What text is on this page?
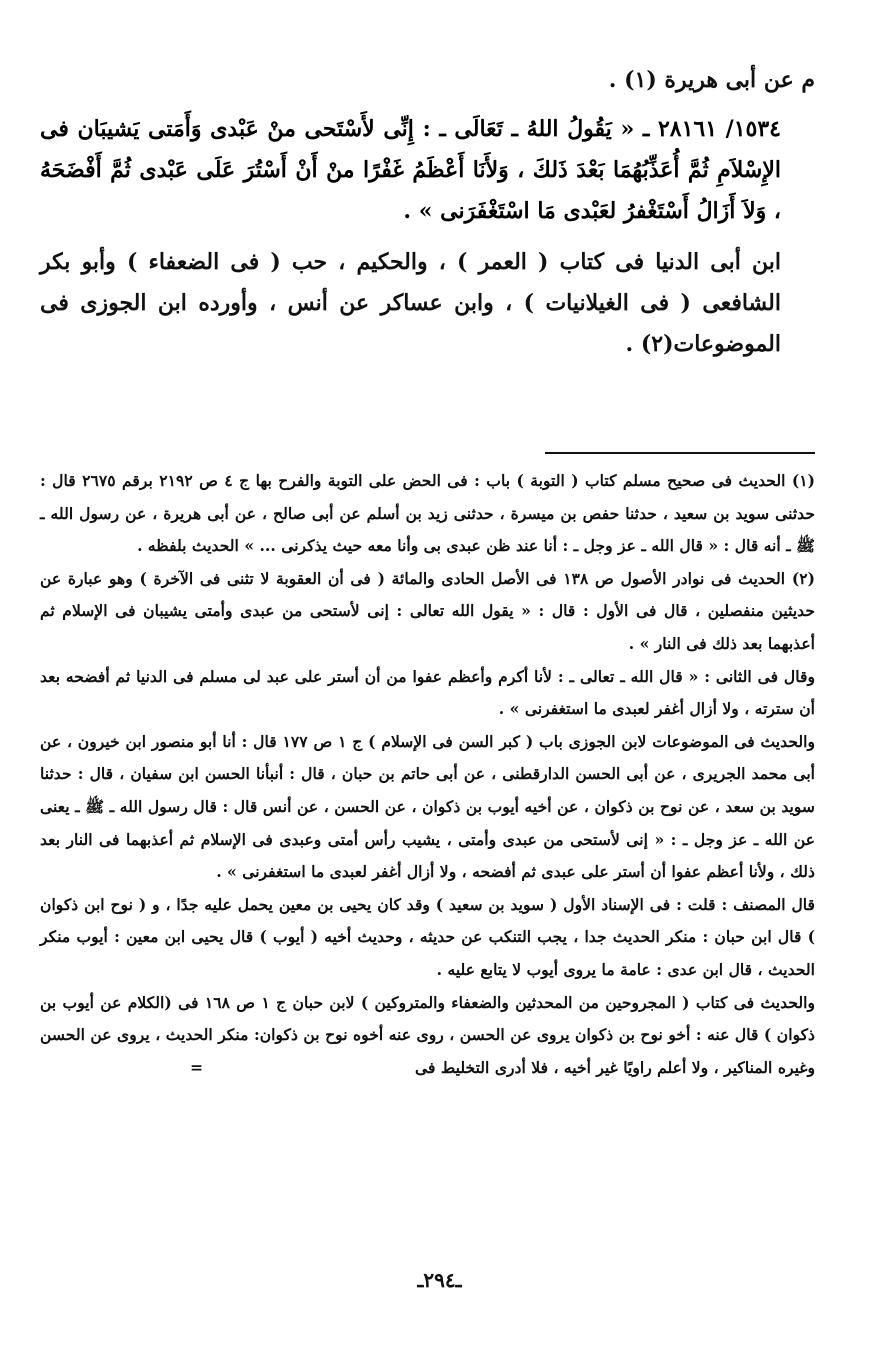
م عن أبى هريرة (١) .

١٥٣٤/ ٢٨١٦١ ـ « يَقُولُ اللهُ ـ تَعَالَى ـ : إِنِّى لأَسْتَحى منْ عَبْدى وَأَمَتى يَشيبَان فى الإِسْلاَمِ ثُمَّ أُعَذِّبُهُمَا بَعْدَ ذَلكَ ، وَلأَنَا أَعْظَمُ غَفْرًا منْ أَنْ أَسْتُرَ عَلَى عَبْدى ثُمَّ أَفْضَحَهُ ، وَلاَ أَزَالُ أَسْتَغْفرُ لعَبْدى مَا اسْتَغْفَرَنى » .

ابن أبى الدنيا فى كتاب ( العمر ) ، والحكيم ، حب ( فى الضعفاء ) وأبو بكر الشافعى ( فى الغيلانيات ) ، وابن عساكر عن أنس ، وأورده ابن الجوزى فى الموضوعات(٢) .

(١) الحديث فى صحيح مسلم كتاب ( التوبة ) باب : فى الحض على التوبة والفرح بها ج ٤ ص ٢١٩٢ برقم ٢٦٧٥ قال : حدثنى سويد بن سعيد ، حدثنا حفص بن ميسرة ، حدثنى زيد بن أسلم عن أبى صالح ، عن أبى هريرة ، عن رسول الله ـ ﷺ ـ أنه قال : « قال الله ـ عز وجل ـ : أنا عند ظن عبدى بى وأنا معه حيث يذكرنى ... » الحديث بلفظه .

(٢) الحديث فى نوادر الأصول ص ١٣٨ فى الأصل الحادى والمائة ( فى أن العقوبة لا تثنى فى الآخرة ) وهو عبارة عن حديثين منفصلين ، قال فى الأول : قال : « يقول الله تعالى : إنى لأستحى من عبدى وأمتى يشيبان فى الإسلام ثم أعذبهما بعد ذلك فى النار » .

وقال فى الثانى : « قال الله ـ تعالى ـ : لأنا أكرم وأعظم عفوا من أن أستر على عبد لى مسلم فى الدنيا ثم أفضحه بعد أن سترته ، ولا أزال أغفر لعبدى ما استغفرنى » .

والحديث فى الموضوعات لابن الجوزى باب ( كبر السن فى الإسلام ) ج ١ ص ١٧٧ قال : أنا أبو منصور ابن خيرون ، عن أبى محمد الجريرى ، عن أبى الحسن الدارقطنى ، عن أبى حاتم بن حبان ، قال : أنبأنا الحسن ابن سفيان ، قال : حدثنا سويد بن سعد ، عن نوح بن ذكوان ، عن أخيه أيوب بن ذكوان ، عن الحسن ، عن أنس قال : قال رسول الله ـ ﷺ ـ يعنى عن الله ـ عز وجل ـ : « إنى لأستحى من عبدى وأمتى ، يشيب رأس أمتى وعبدى فى الإسلام ثم أعذبهما فى النار بعد ذلك ، ولأنا أعظم عفوا أن أستر على عبدى ثم أفضحه ، ولا أزال أغفر لعبدى ما استغفرنى » .

قال المصنف : قلت : فى الإسناد الأول ( سويد بن سعيد ) وقد كان يحيى بن معين يحمل عليه جدًا ، و ( نوح ابن ذكوان ) قال ابن حبان : منكر الحديث جدا ، يجب التنكب عن حديثه ، وحديث أخيه ( أيوب ) قال يحيى ابن معين : أيوب منكر الحديث ، قال ابن عدى : عامة ما يروى أيوب لا يتابع عليه .

والحديث فى كتاب ( المجروحين من المحدثين والضعفاء والمتروكين ) لابن حبان ج ١ ص ١٦٨ فى (الكلام عن أيوب بن ذكوان ) قال عنه : أخو نوح بن ذكوان يروى عن الحسن ، روى عنه أخوه نوح بن ذكوان: منكر الحديث ، يروى عن الحسن وغيره المناكير ، ولا أعلم راويًا غير أخيه ، فلا أدرى التخليط فى
=

ـ٢٩٤ـ
